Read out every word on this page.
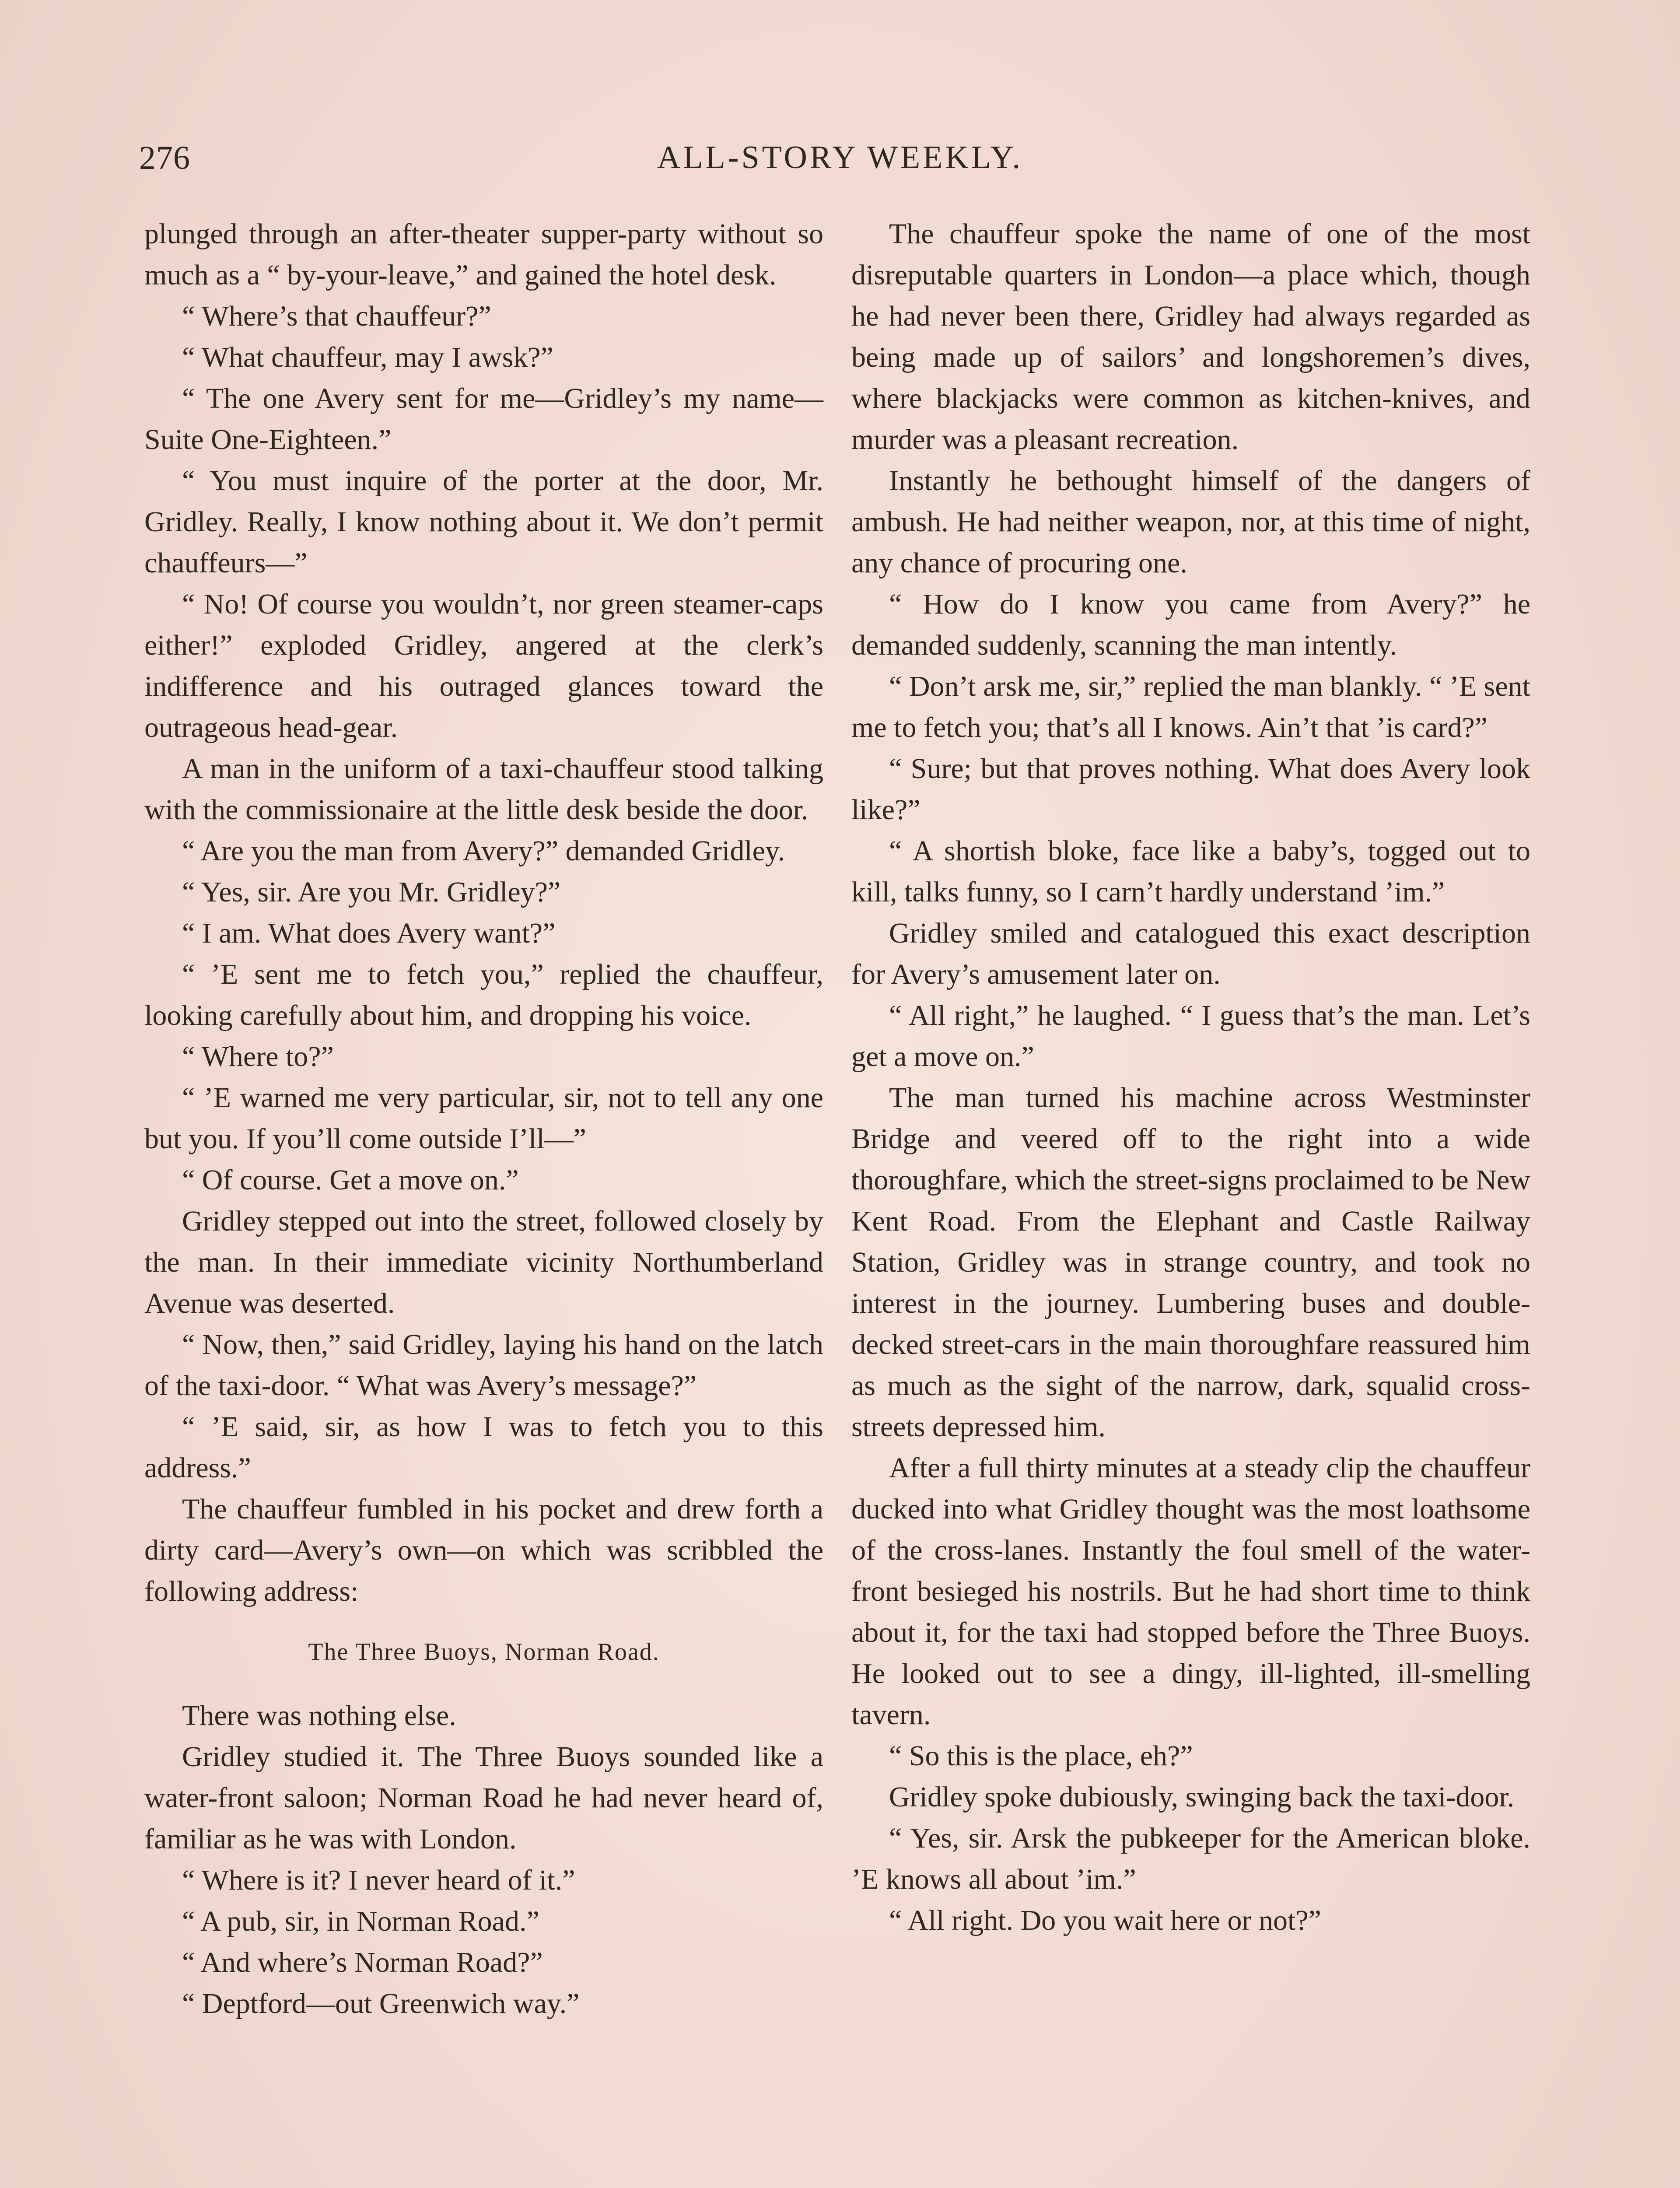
276	ALL-STORY WEEKLY.

plunged through an after-theater supper-party without so much as a “ by-your-leave,” and gained the hotel desk.

“ Where’s that chauffeur?”

“ What chauffeur, may I awsk?”

“ The one Avery sent for me—Gridley’s my name—Suite One-Eighteen.”

“ You must inquire of the porter at the door, Mr. Gridley. Really, I know nothing about it. We don’t permit chauffeurs—”

“ No! Of course you wouldn’t, nor green steamer-caps either!” exploded Gridley, angered at the clerk’s indifference and his outraged glances toward the outrageous head-gear.

A man in the uniform of a taxi-chauffeur stood talking with the commissionaire at the little desk beside the door.

“ Are you the man from Avery?” demanded Gridley.

“ Yes, sir. Are you Mr. Gridley?”

“ I am. What does Avery want?”

“ ’E sent me to fetch you,” replied the chauffeur, looking carefully about him, and dropping his voice.

“ Where to?”

“ ’E warned me very particular, sir, not to tell any one but you. If you’ll come outside I’ll—”

“ Of course. Get a move on.”

Gridley stepped out into the street, followed closely by the man. In their immediate vicinity Northumberland Avenue was deserted.

“ Now, then,” said Gridley, laying his hand on the latch of the taxi-door. “ What was Avery’s message?”

“ ’E said, sir, as how I was to fetch you to this address.”

The chauffeur fumbled in his pocket and drew forth a dirty card—Avery’s own—on which was scribbled the following address:

The Three Buoys, Norman Road.

There was nothing else.

Gridley studied it. The Three Buoys sounded like a water-front saloon; Norman Road he had never heard of, familiar as he was with London.

“ Where is it? I never heard of it.”

“ A pub, sir, in Norman Road.”

“ And where’s Norman Road?”

“ Deptford—out Greenwich way.”

The chauffeur spoke the name of one of the most disreputable quarters in London—a place which, though he had never been there, Gridley had always regarded as being made up of sailors’ and longshoremen’s dives, where blackjacks were common as kitchen-knives, and murder was a pleasant recreation.

Instantly he bethought himself of the dangers of ambush. He had neither weapon, nor, at this time of night, any chance of procuring one.

“ How do I know you came from Avery?” he demanded suddenly, scanning the man intently.

“ Don’t arsk me, sir,” replied the man blankly. “ ’E sent me to fetch you; that’s all I knows. Ain’t that ’is card?”

“ Sure; but that proves nothing. What does Avery look like?”

“ A shortish bloke, face like a baby’s, togged out to kill, talks funny, so I carn’t hardly understand ’im.”

Gridley smiled and catalogued this exact description for Avery’s amusement later on.

“ All right,” he laughed. “ I guess that’s the man. Let’s get a move on.”

The man turned his machine across Westminster Bridge and veered off to the right into a wide thoroughfare, which the street-signs proclaimed to be New Kent Road. From the Elephant and Castle Railway Station, Gridley was in strange country, and took no interest in the journey. Lumbering buses and double-decked street-cars in the main thoroughfare reassured him as much as the sight of the narrow, dark, squalid cross-streets depressed him.

After a full thirty minutes at a steady clip the chauffeur ducked into what Gridley thought was the most loathsome of the cross-lanes. Instantly the foul smell of the water-front besieged his nostrils. But he had short time to think about it, for the taxi had stopped before the Three Buoys. He looked out to see a dingy, ill-lighted, ill-smelling tavern.

“ So this is the place, eh?”

Gridley spoke dubiously, swinging back the taxi-door.

“ Yes, sir. Arsk the pubkeeper for the American bloke. ’E knows all about ’im.”

“ All right. Do you wait here or not?”
